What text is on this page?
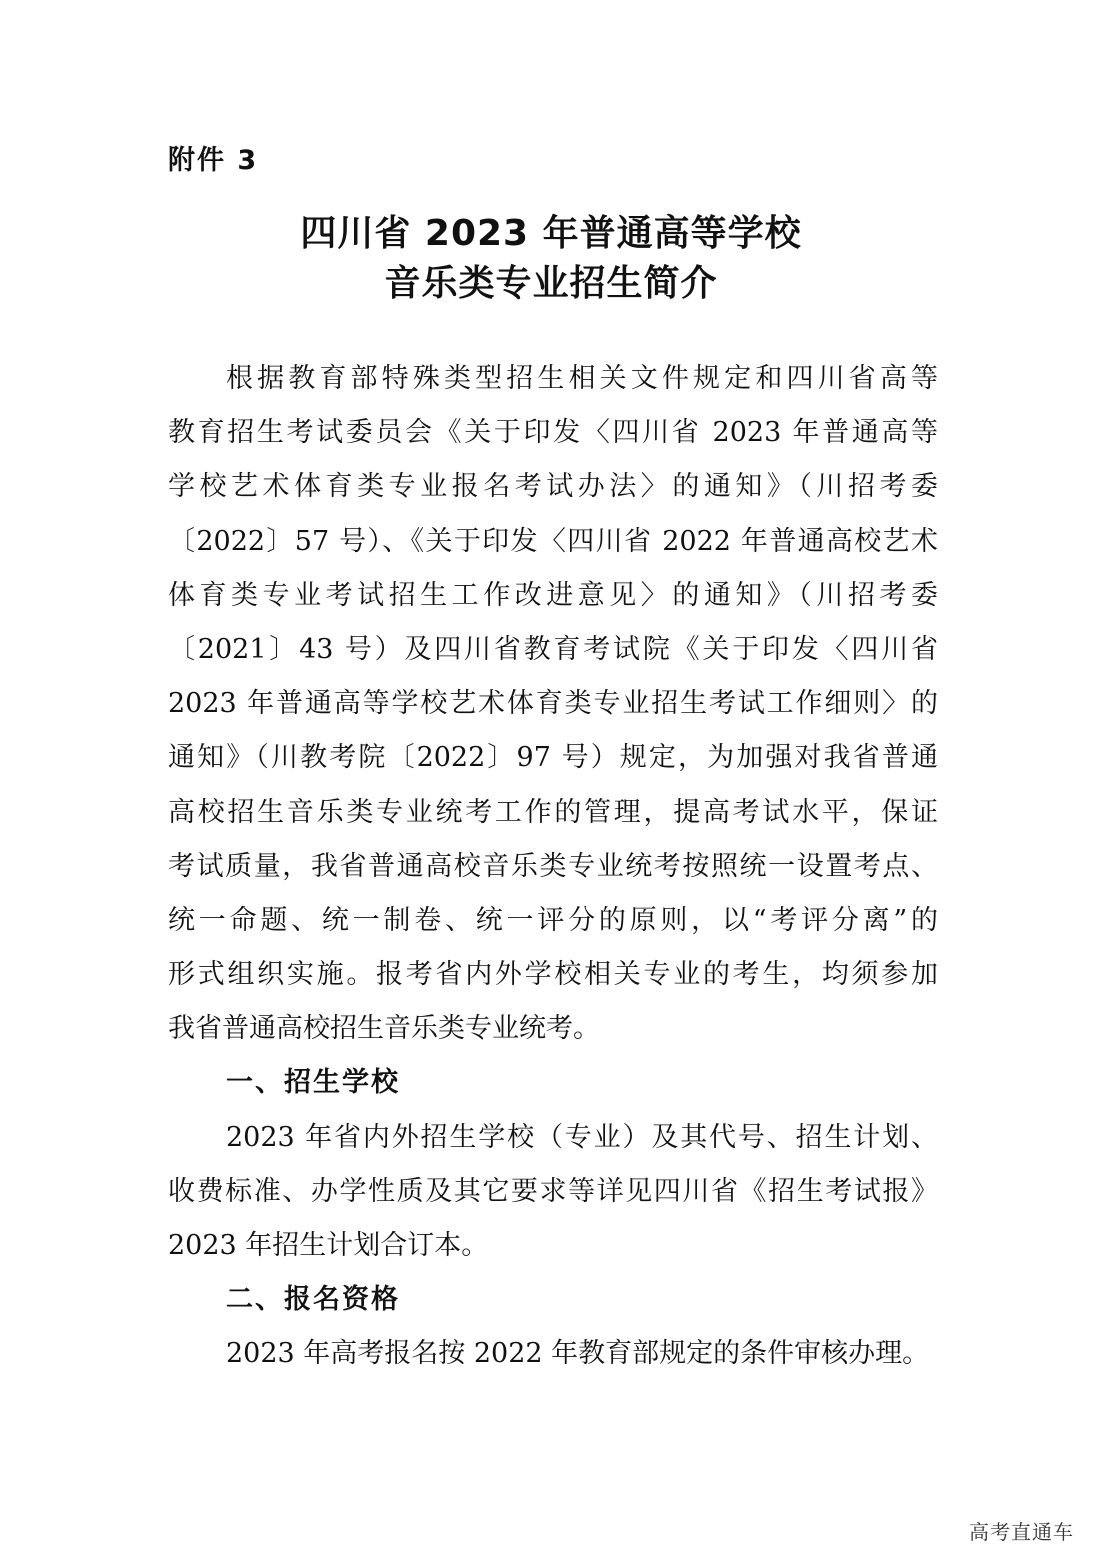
附件 3
四川省 2023 年普通高等学校
音乐类专业招生简介
根据教育部特殊类型招生相关文件规定和四川省高等
教育招生考试委员会《关于印发〈四川省 2023 年普通高等
学校艺术体育类专业报名考试办法〉的通知》（川招考委
〔2022〕57 号）、《关于印发〈四川省 2022 年普通高校艺术
体育类专业考试招生工作改进意见〉的通知》（川招考委
〔2021〕43 号）及四川省教育考试院《关于印发〈四川省
2023 年普通高等学校艺术体育类专业招生考试工作细则〉的
通知》（川教考院〔2022〕97 号）规定，为加强对我省普通
高校招生音乐类专业统考工作的管理，提高考试水平，保证
考试质量，我省普通高校音乐类专业统考按照统一设置考点、
统一命题、统一制卷、统一评分的原则，以“考评分离”的
形式组织实施。报考省内外学校相关专业的考生，均须参加
我省普通高校招生音乐类专业统考。
一、招生学校
2023 年省内外招生学校（专业）及其代号、招生计划、
收费标准、办学性质及其它要求等详见四川省《招生考试报》
2023 年招生计划合订本。
二、报名资格
2023 年高考报名按 2022 年教育部规定的条件审核办理。
高考直通车
